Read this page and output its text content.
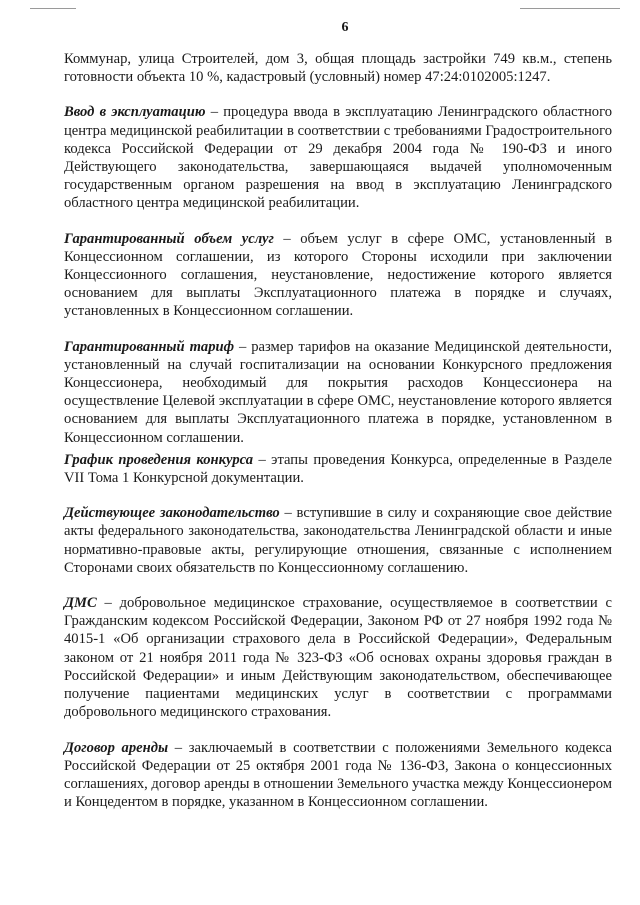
6

Коммунар, улица Строителей, дом 3, общая площадь застройки 749 кв.м., степень готовности объекта 10 %, кадастровый (условный) номер 47:24:0102005:1247.

Ввод в эксплуатацию – процедура ввода в эксплуатацию Ленинградского областного центра медицинской реабилитации в соответствии с требованиями Градостроительного кодекса Российской Федерации от 29 декабря 2004 года № 190-ФЗ и иного Действующего законодательства, завершающаяся выдачей уполномоченным государственным органом разрешения на ввод в эксплуатацию Ленинградского областного центра медицинской реабилитации.

Гарантированный объем услуг – объем услуг в сфере ОМС, установленный в Концессионном соглашении, из которого Стороны исходили при заключении Концессионного соглашения, неустановление, недостижение которого является основанием для выплаты Эксплуатационного платежа в порядке и случаях, установленных в Концессионном соглашении.

Гарантированный тариф – размер тарифов на оказание Медицинской деятельности, установленный на случай госпитализации на основании Конкурсного предложения Концессионера, необходимый для покрытия расходов Концессионера на осуществление Целевой эксплуатации в сфере ОМС, неустановление которого является основанием для выплаты Эксплуатационного платежа в порядке, установленном в Концессионном соглашении.

График проведения конкурса – этапы проведения Конкурса, определенные в Разделе VII Тома 1 Конкурсной документации.

Действующее законодательство – вступившие в силу и сохраняющие свое действие акты федерального законодательства, законодательства Ленинградской области и иные нормативно-правовые акты, регулирующие отношения, связанные с исполнением Сторонами своих обязательств по Концессионному соглашению.

ДМС – добровольное медицинское страхование, осуществляемое в соответствии с Гражданским кодексом Российской Федерации, Законом РФ от 27 ноября 1992 года № 4015-1 «Об организации страхового дела в Российской Федерации», Федеральным законом от 21 ноября 2011 года № 323-ФЗ «Об основах охраны здоровья граждан в Российской Федерации» и иным Действующим законодательством, обеспечивающее получение пациентами медицинских услуг в соответствии с программами добровольного медицинского страхования.

Договор аренды – заключаемый в соответствии с положениями Земельного кодекса Российской Федерации от 25 октября 2001 года № 136-ФЗ, Закона о концессионных соглашениях, договор аренды в отношении Земельного участка между Концессионером и Концедентом в порядке, указанном в Концессионном соглашении.
